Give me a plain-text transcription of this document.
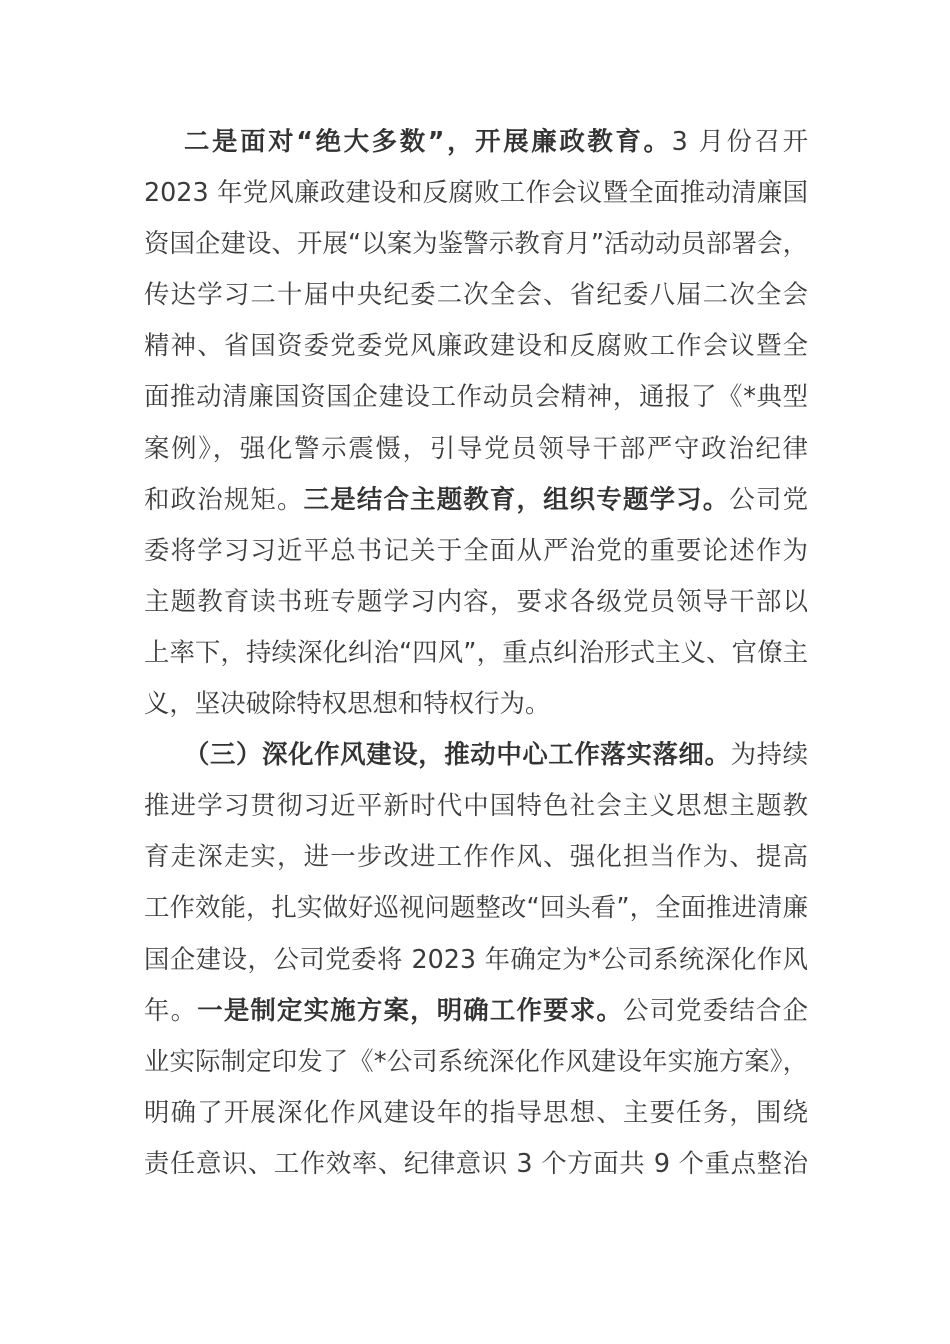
二是面对“绝大多数”，开展廉政教育。3 月份召开
2023 年党风廉政建设和反腐败工作会议暨全面推动清廉国
资国企建设、开展“以案为鉴警示教育月”活动动员部署会，
传达学习二十届中央纪委二次全会、省纪委八届二次全会
精神、省国资委党委党风廉政建设和反腐败工作会议暨全
面推动清廉国资国企建设工作动员会精神，通报了《*典型
案例》，强化警示震慑，引导党员领导干部严守政治纪律
和政治规矩。三是结合主题教育，组织专题学习。公司党
委将学习习近平总书记关于全面从严治党的重要论述作为
主题教育读书班专题学习内容，要求各级党员领导干部以
上率下，持续深化纠治“四风”，重点纠治形式主义、官僚主
义，坚决破除特权思想和特权行为。
（三）深化作风建设，推动中心工作落实落细。为持续
推进学习贯彻习近平新时代中国特色社会主义思想主题教
育走深走实，进一步改进工作作风、强化担当作为、提高
工作效能，扎实做好巡视问题整改“回头看”，全面推进清廉
国企建设，公司党委将 2023 年确定为*公司系统深化作风
年。一是制定实施方案，明确工作要求。公司党委结合企
业实际制定印发了《*公司系统深化作风建设年实施方案》，
明确了开展深化作风建设年的指导思想、主要任务，围绕
责任意识、工作效率、纪律意识 3 个方面共 9 个重点整治
